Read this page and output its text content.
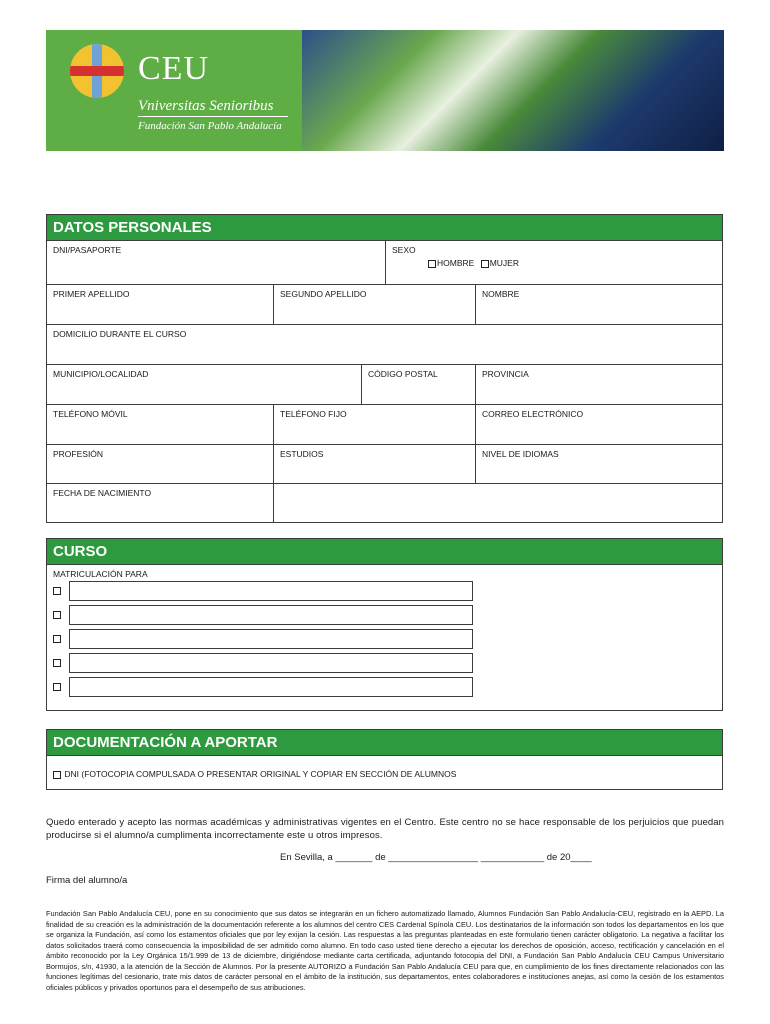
CEU
Vniversitas Senioribus
Fundación San Pablo Andalucía
DATOS PERSONALES
DNI/PASAPORTE	SEXO
HOMBRE MUJER
PRIMER APELLIDO	SEGUNDO APELLIDO	NOMBRE
DOMICILIO DURANTE EL CURSO
MUNICIPIO/LOCALIDAD	CÓDIGO POSTAL	PROVINCIA
TELÉFONO MÓVIL	TELÉFONO FIJO	CORREO ELECTRÓNICO
PROFESIÓN	ESTUDIOS	NIVEL DE IDIOMAS
FECHA DE NACIMIENTO
CURSO
MATRICULACIÓN PARA
DOCUMENTACIÓN A APORTAR
DNI (FOTOCOPIA COMPULSADA O PRESENTAR ORIGINAL Y COPIAR EN SECCIÓN DE ALUMNOS
Quedo enterado y acepto las normas académicas y administrativas vigentes en el Centro. Este centro no se hace responsable de los perjuicios que puedan producirse si el alumno/a cumplimenta incorrectamente este u otros impresos.
En Sevilla, a _______ de _________________ ____________ de 20____
Firma del alumno/a
Fundación San Pablo Andalucía CEU, pone en su conocimiento que sus datos se integrarán en un fichero automatizado llamado, Alumnos Fundación San Pablo Andalucía-CEU, registrado en la AEPD. La finalidad de su creación es la administración de la documentación referente a los alumnos del centro CES Cardenal Spínola CEU. Los destinatarios de la información son todos los departamentos en los que se organiza la Fundación, así como los estamentos oficiales que por ley exijan la cesión. Las respuestas a las preguntas planteadas en este formulario tienen carácter obligatorio. La negativa a facilitar los datos solicitados traerá como consecuencia la imposibilidad de ser admitido como alumno. En todo caso usted tiene derecho a ejecutar los derechos de oposición, acceso, rectificación y cancelación en el ámbito reconocido por la Ley Orgánica 15/1.999 de 13 de diciembre, dirigiéndose mediante carta certificada, adjuntando fotocopia del DNI, a Fundación San Pablo Andalucía CEU Campus Universitario Bormujos, s/n, 41930, a la atención de la Sección de Alumnos. Por la presente AUTORIZO a Fundación San Pablo Andalucía CEU para que, en cumplimiento de los fines directamente relacionados con las funciones legítimas del cesionario, trate mis datos de carácter personal en el ámbito de la institución, sus departamentos, entes colaboradores e instituciones anejas, así como la cesión de los estamentos oficiales públicos y privados oportunos para el desempeño de sus atribuciones.
